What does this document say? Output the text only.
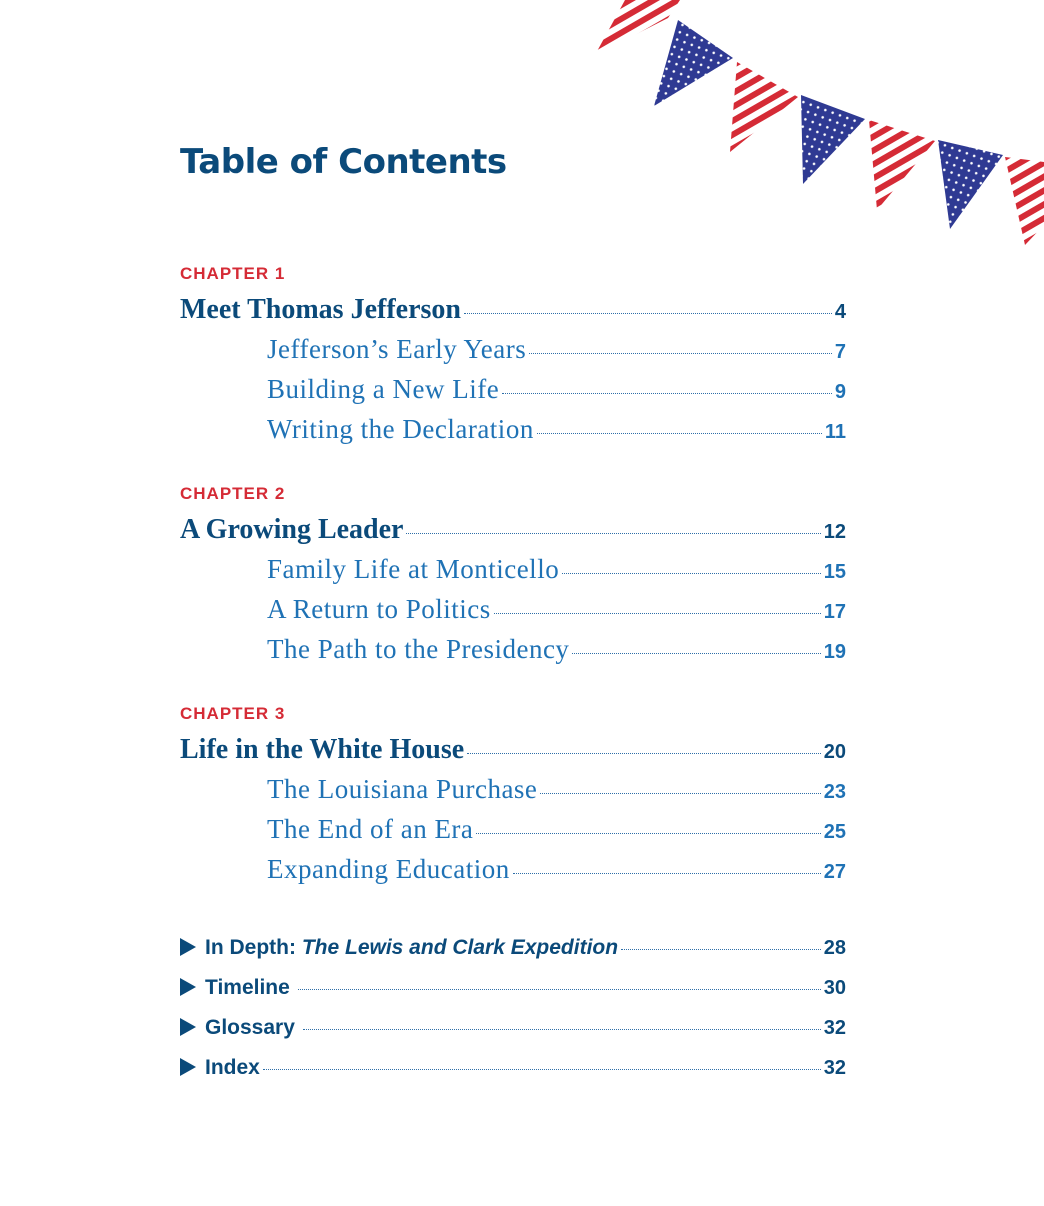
Table of Contents
CHAPTER 1
Meet Thomas Jefferson	4
Jefferson’s Early Years	7
Building a New Life	9
Writing the Declaration	11
CHAPTER 2
A Growing Leader	12
Family Life at Monticello	15
A Return to Politics	17
The Path to the Presidency	19
CHAPTER 3
Life in the White House	20
The Louisiana Purchase	23
The End of an Era	25
Expanding Education	27
In Depth: The Lewis and Clark Expedition	28
Timeline	30
Glossary	32
Index	32
